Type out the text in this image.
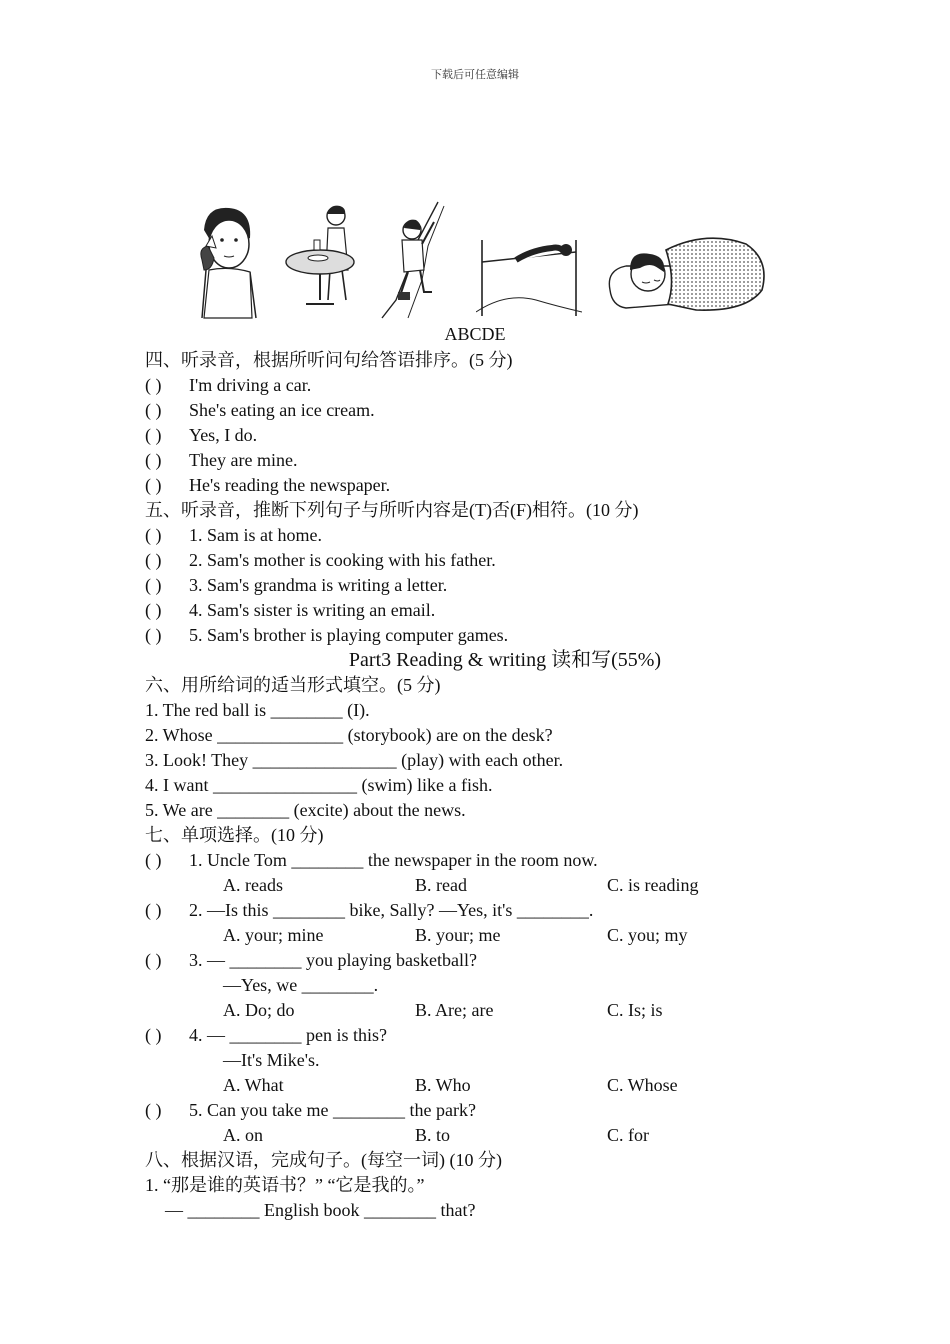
下载后可任意编辑
ABCDE
四、听录音，根据所听问句给答语排序。(5 分)
( ) I'm driving a car.
( ) She's eating an ice cream.
( ) Yes, I do.
( ) They are mine.
( ) He's reading the newspaper.
五、听录音，推断下列句子与所听内容是(T)否(F)相符。(10 分)
( ) 1. Sam is at home.
( ) 2. Sam's mother is cooking with his father.
( ) 3. Sam's grandma is writing a letter.
( ) 4. Sam's sister is writing an email.
( ) 5. Sam's brother is playing computer games.
Part3 Reading & writing 读和写(55%)
六、用所给词的适当形式填空。(5 分)
1. The red ball is ________ (I).
2. Whose ______________ (storybook) are on the desk?
3. Look! They ________________ (play) with each other.
4. I want ________________ (swim) like a fish.
5. We are ________ (excite) about the news.
七、单项选择。(10 分)
( ) 1. Uncle Tom ________ the newspaper in the room now.
A. reads	B. read	C. is reading
( ) 2. —Is this ________ bike, Sally? —Yes, it's ________.
A. your; mine	B. your; me	C. you; my
( ) 3. — ________ you playing basketball?
—Yes, we ________.
A. Do; do	B. Are; are	C. Is; is
( ) 4. — ________ pen is this?
—It's Mike's.
A. What	B. Who	C. Whose
( ) 5. Can you take me ________ the park?
A. on	B. to	C. for
八、根据汉语，完成句子。(每空一词) (10 分)
1. “那是谁的英语书？” “它是我的。”
— ________ English book ________ that?
